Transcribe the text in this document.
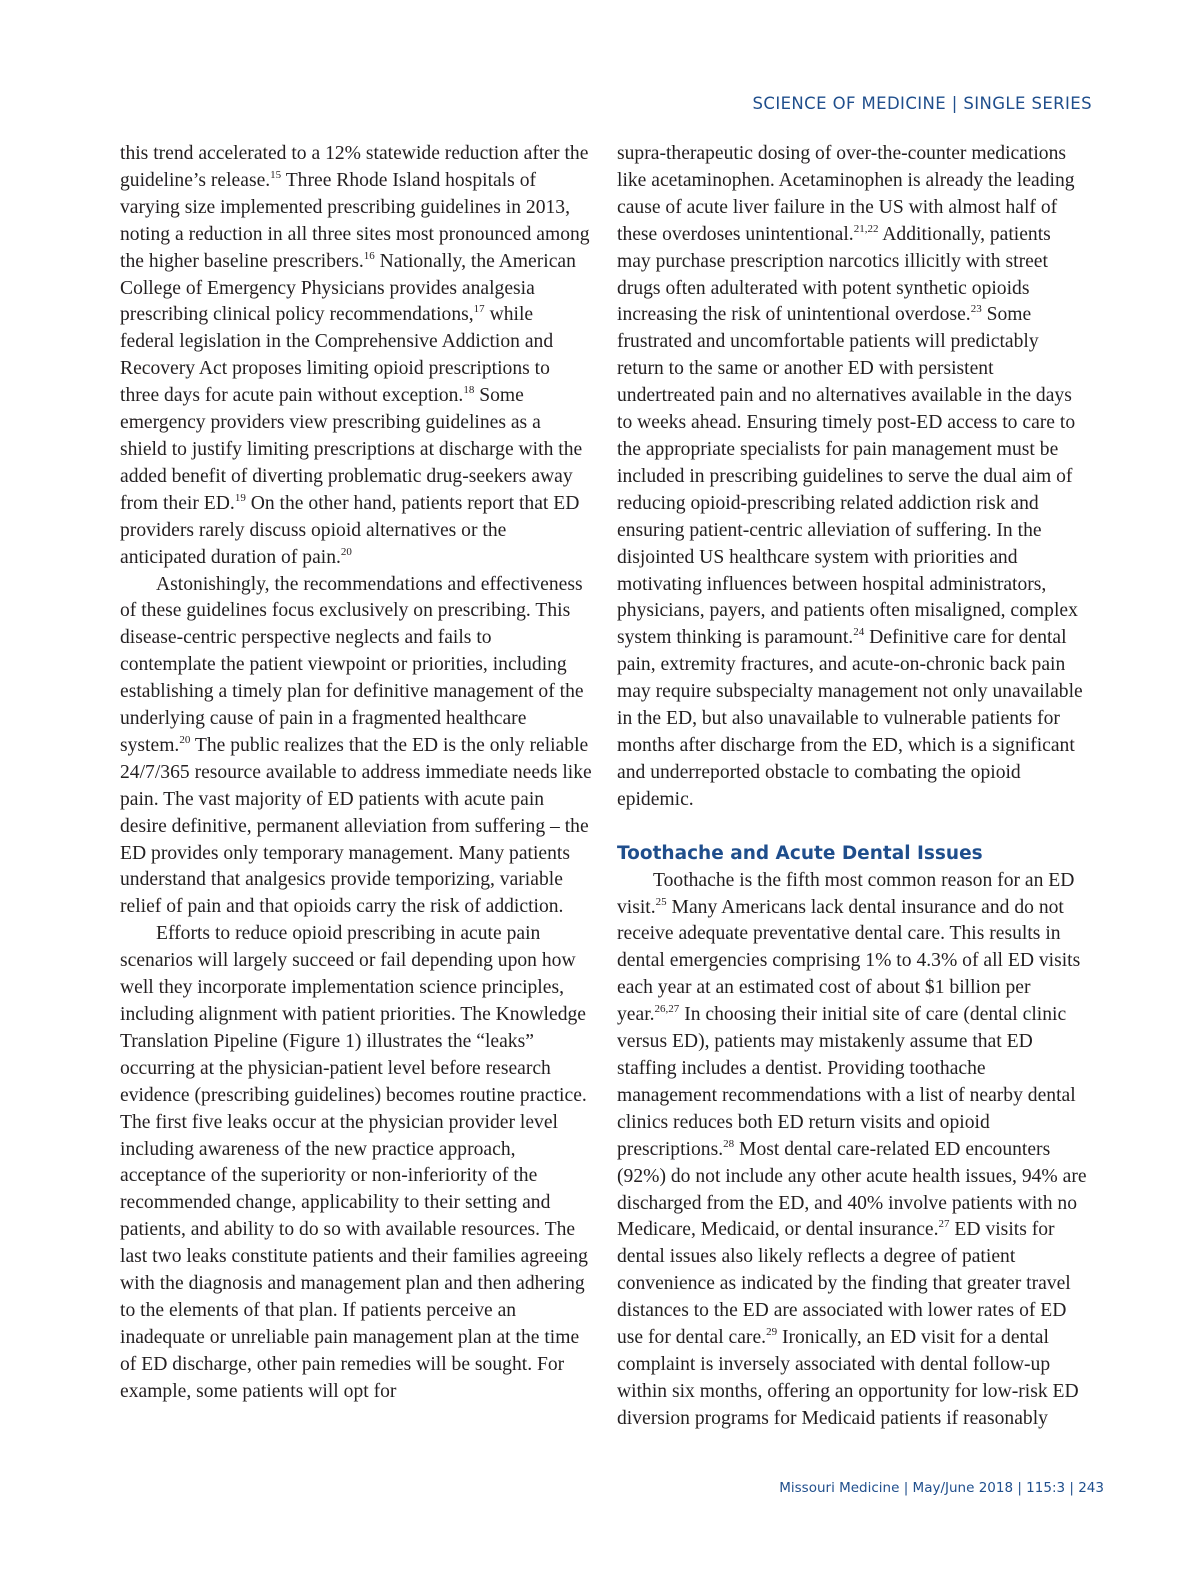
SCIENCE OF MEDICINE | SINGLE SERIES

this trend accelerated to a 12% statewide reduction after the guideline’s release.$^{15}$ Three Rhode Island hospitals of varying size implemented prescribing guidelines in 2013, noting a reduction in all three sites most pronounced among the higher baseline prescribers.$^{16}$ Nationally, the American College of Emergency Physicians provides analgesia prescribing clinical policy recommendations,$^{17}$ while federal legislation in the Comprehensive Addiction and Recovery Act proposes limiting opioid prescriptions to three days for acute pain without exception.$^{18}$ Some emergency providers view prescribing guidelines as a shield to justify limiting prescriptions at discharge with the added benefit of diverting problematic drug-seekers away from their ED.$^{19}$ On the other hand, patients report that ED providers rarely discuss opioid alternatives or the anticipated duration of pain.$^{20}$

Astonishingly, the recommendations and effectiveness of these guidelines focus exclusively on prescribing. This disease-centric perspective neglects and fails to contemplate the patient viewpoint or priorities, including establishing a timely plan for definitive management of the underlying cause of pain in a fragmented healthcare system.$^{20}$ The public realizes that the ED is the only reliable 24/7/365 resource available to address immediate needs like pain. The vast majority of ED patients with acute pain desire definitive, permanent alleviation from suffering – the ED provides only temporary management. Many patients understand that analgesics provide temporizing, variable relief of pain and that opioids carry the risk of addiction.

Efforts to reduce opioid prescribing in acute pain scenarios will largely succeed or fail depending upon how well they incorporate implementation science principles, including alignment with patient priorities. The Knowledge Translation Pipeline (Figure 1) illustrates the “leaks” occurring at the physician-patient level before research evidence (prescribing guidelines) becomes routine practice. The first five leaks occur at the physician provider level including awareness of the new practice approach, acceptance of the superiority or non-inferiority of the recommended change, applicability to their setting and patients, and ability to do so with available resources. The last two leaks constitute patients and their families agreeing with the diagnosis and management plan and then adhering to the elements of that plan. If patients perceive an inadequate or unreliable pain management plan at the time of ED discharge, other pain remedies will be sought. For example, some patients will opt for

supra-therapeutic dosing of over-the-counter medications like acetaminophen. Acetaminophen is already the leading cause of acute liver failure in the US with almost half of these overdoses unintentional.$^{21,22}$ Additionally, patients may purchase prescription narcotics illicitly with street drugs often adulterated with potent synthetic opioids increasing the risk of unintentional overdose.$^{23}$ Some frustrated and uncomfortable patients will predictably return to the same or another ED with persistent undertreated pain and no alternatives available in the days to weeks ahead. Ensuring timely post-ED access to care to the appropriate specialists for pain management must be included in prescribing guidelines to serve the dual aim of reducing opioid-prescribing related addiction risk and ensuring patient-centric alleviation of suffering. In the disjointed US healthcare system with priorities and motivating influences between hospital administrators, physicians, payers, and patients often misaligned, complex system thinking is paramount.$^{24}$ Definitive care for dental pain, extremity fractures, and acute-on-chronic back pain may require subspecialty management not only unavailable in the ED, but also unavailable to vulnerable patients for months after discharge from the ED, which is a significant and underreported obstacle to combating the opioid epidemic.

Toothache and Acute Dental Issues

Toothache is the fifth most common reason for an ED visit.$^{25}$ Many Americans lack dental insurance and do not receive adequate preventative dental care. This results in dental emergencies comprising 1% to 4.3% of all ED visits each year at an estimated cost of about $1 billion per year.$^{26,27}$ In choosing their initial site of care (dental clinic versus ED), patients may mistakenly assume that ED staffing includes a dentist. Providing toothache management recommendations with a list of nearby dental clinics reduces both ED return visits and opioid prescriptions.$^{28}$ Most dental care-related ED encounters (92%) do not include any other acute health issues, 94% are discharged from the ED, and 40% involve patients with no Medicare, Medicaid, or dental insurance.$^{27}$ ED visits for dental issues also likely reflects a degree of patient convenience as indicated by the finding that greater travel distances to the ED are associated with lower rates of ED use for dental care.$^{29}$ Ironically, an ED visit for a dental complaint is inversely associated with dental follow-up within six months, offering an opportunity for low-risk ED diversion programs for Medicaid patients if reasonably

Missouri Medicine | May/June 2018 | 115:3 | 243
